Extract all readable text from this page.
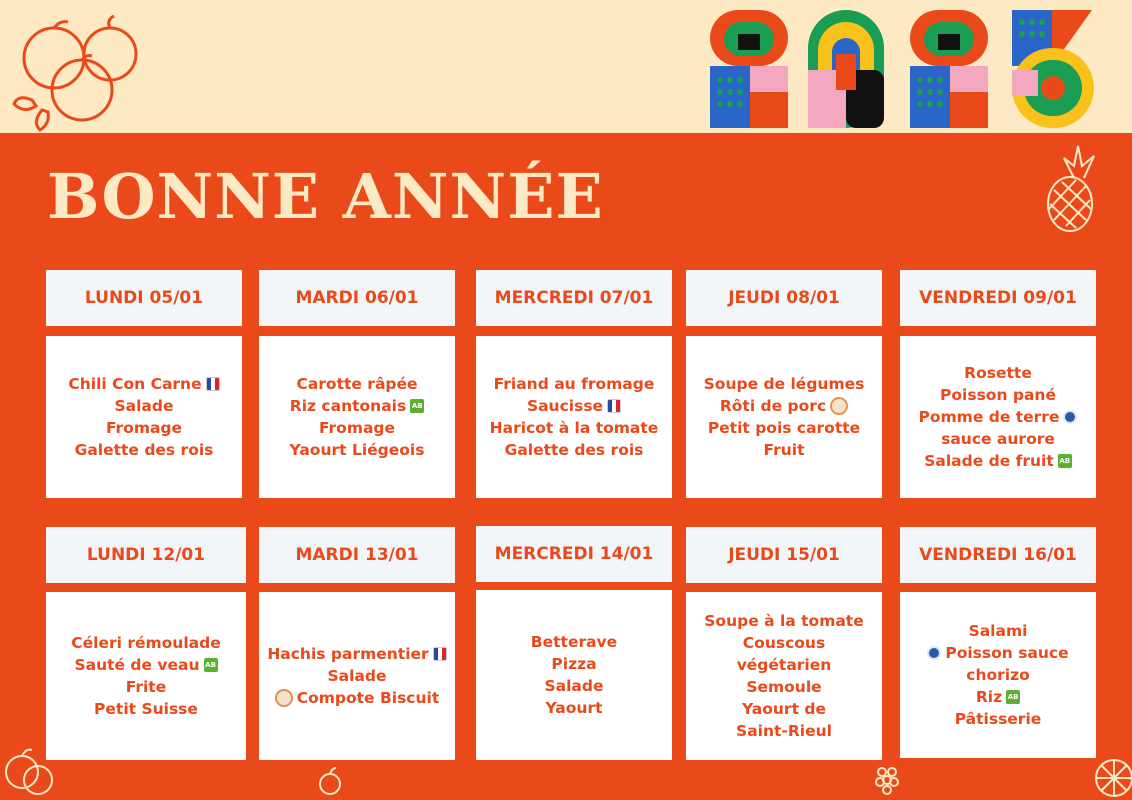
BONNE ANNÉE
LUNDI 05/01
Chili Con Carne
Salade
Fromage
Galette des rois
MARDI 06/01
Carotte râpée
Riz cantonais
AB
Fromage
Yaourt Liégeois
MERCREDI 07/01
Friand au fromage
Saucisse
Haricot à la tomate
Galette des rois
JEUDI 08/01
Soupe de légumes
Rôti de porc
Petit pois carotte
Fruit
VENDREDI 09/01
Rosette
Poisson pané
Pomme de terre
sauce aurore
Salade de fruit
AB
LUNDI 12/01
Céleri rémoulade
Sauté de veau
AB
Frite
Petit Suisse
MARDI 13/01
Hachis parmentier
Salade
Compote Biscuit
MERCREDI 14/01
Betterave
Pizza
Salade
Yaourt
JEUDI 15/01
Soupe à la tomate
Couscous
végétarien
Semoule
Yaourt de
Saint-Rieul
VENDREDI 16/01
Salami
Poisson sauce
chorizo
Riz
AB
Pâtisserie
